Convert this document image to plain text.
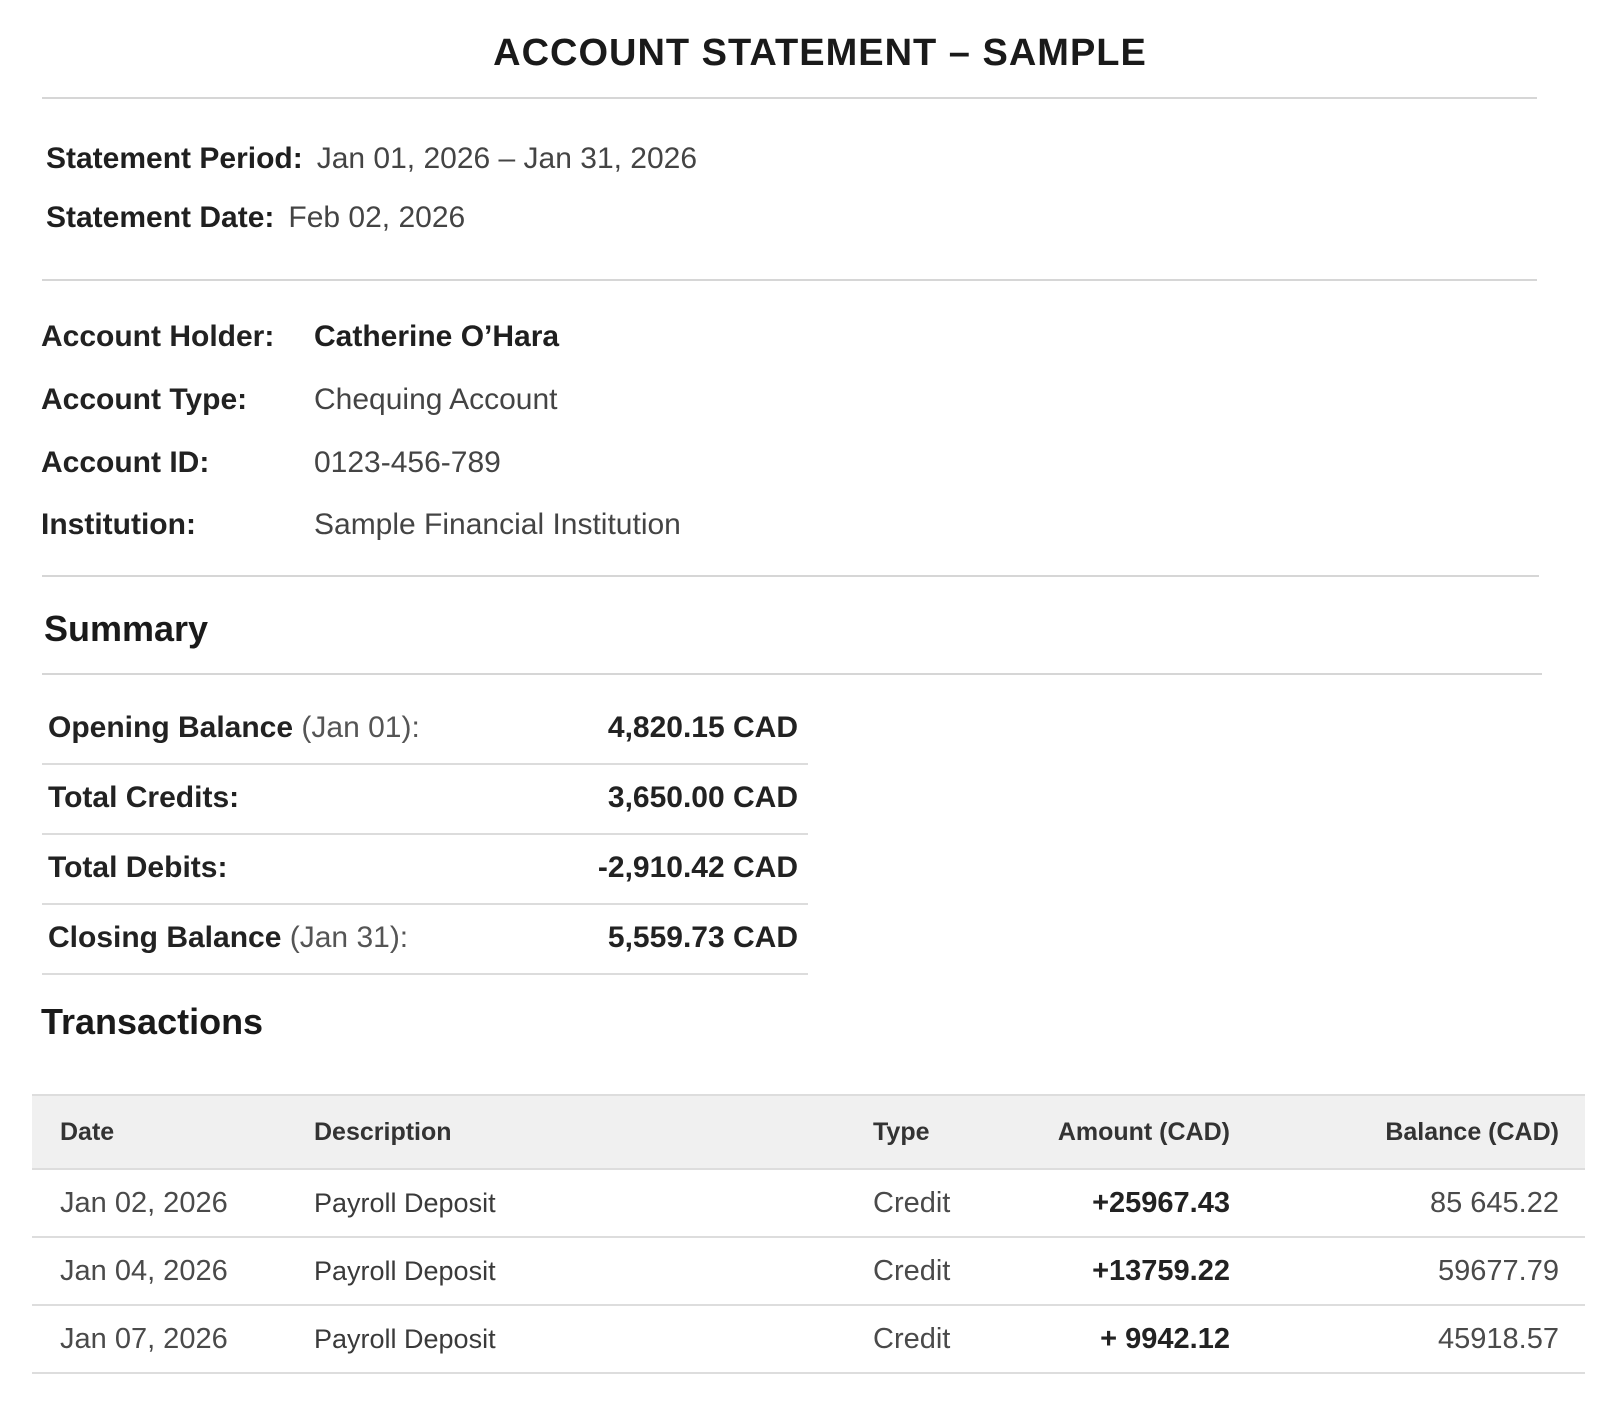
ACCOUNT STATEMENT – SAMPLE
Statement Period: Jan 01, 2026 – Jan 31, 2026
Statement Date: Feb 02, 2026
Account Holder: Catherine O’Hara
Account Type: Chequing Account
Account ID:	0123-456-789
Institution:	Sample Financial Institution
Summary
Opening Balance (Jan 01):	4,820.15 CAD
Total Credits:	3,650.00 CAD
Total Debits:	-2,910.42 CAD
Closing Balance (Jan 31):	5,559.73 CAD
Transactions
Date	Description	Type	Amount (CAD)	Balance (CAD)
Jan 02, 2026	Payroll Deposit	Credit	+25967.43	85 645.22
Jan 04, 2026	Payroll Deposit	Credit	+13759.22	59677.79
Jan 07, 2026	Payroll Deposit	Credit	+ 9942.12	45918.57
